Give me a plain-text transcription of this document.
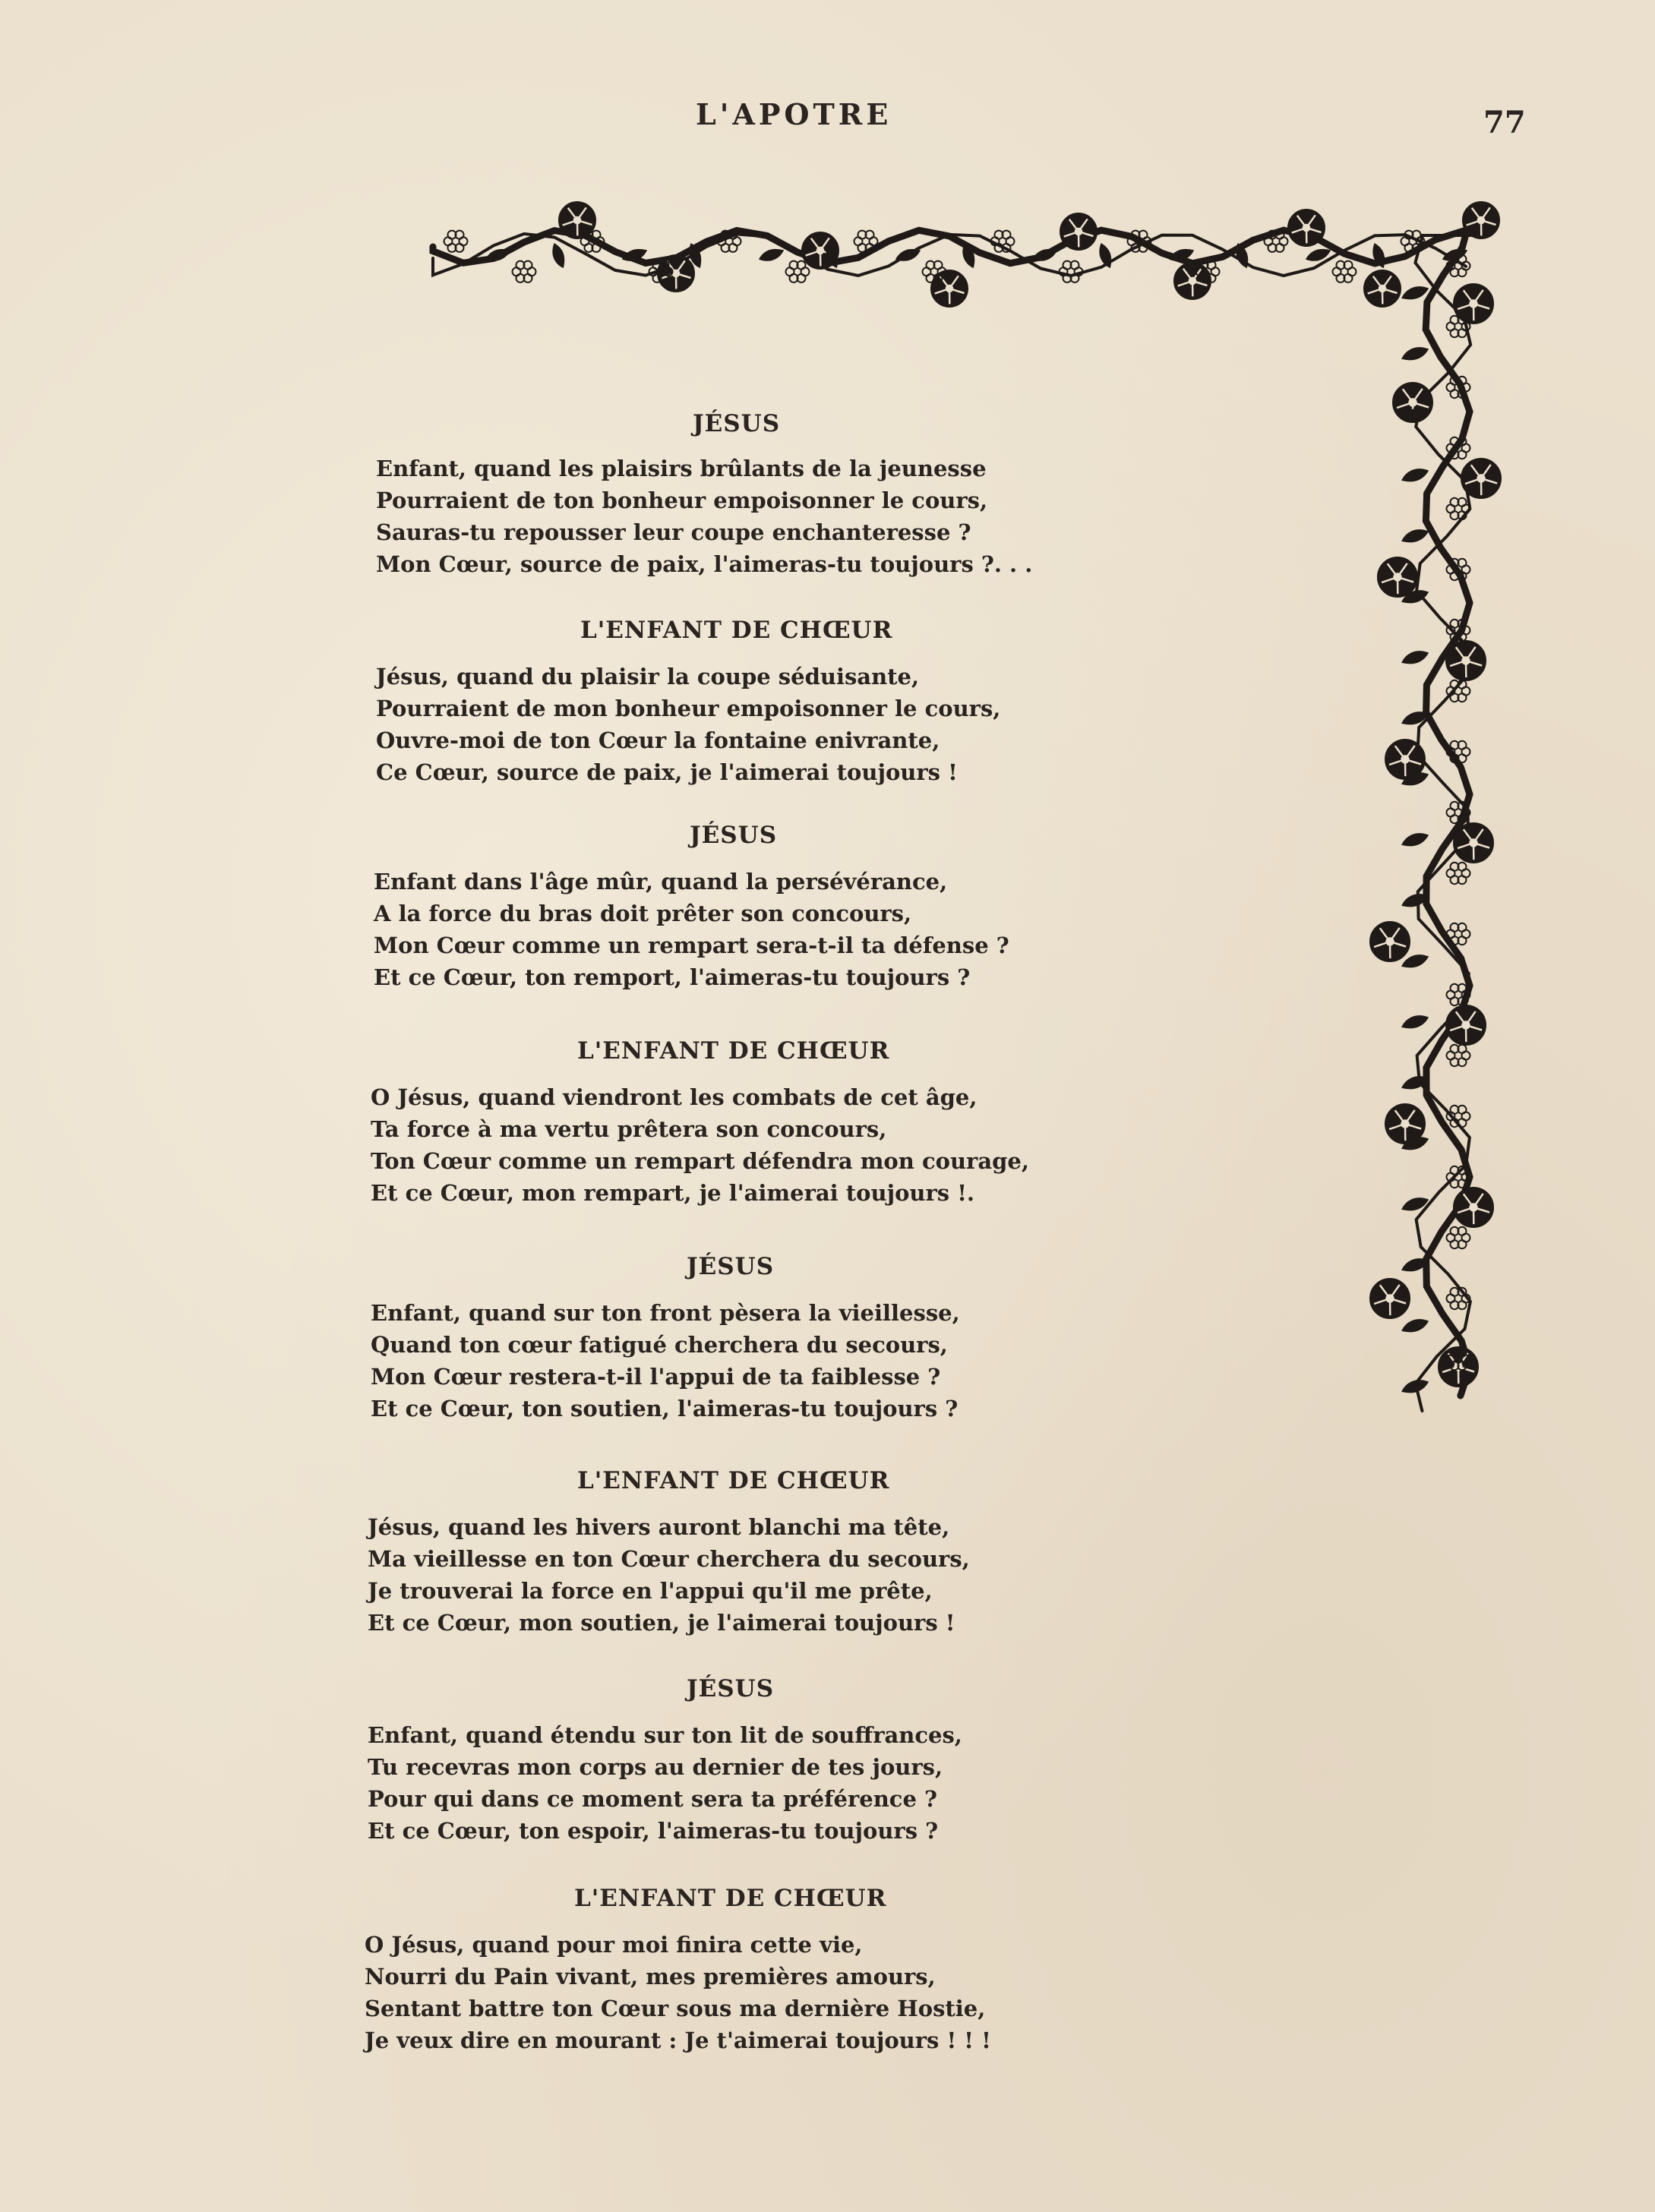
L'APOTRE	77
JÉSUS
Enfant, quand les plaisirs brûlants de la jeunesse
Pourraient de ton bonheur empoisonner le cours,
Sauras-tu repousser leur coupe enchanteresse ?
Mon Cœur, source de paix, l'aimeras-tu toujours ?. . .
L'ENFANT DE CHŒUR
Jésus, quand du plaisir la coupe séduisante,
Pourraient de mon bonheur empoisonner le cours,
Ouvre-moi de ton Cœur la fontaine enivrante,
Ce Cœur, source de paix, je l'aimerai toujours !
JÉSUS
Enfant dans l'âge mûr, quand la persévérance,
A la force du bras doit prêter son concours,
Mon Cœur comme un rempart sera-t-il ta défense ?
Et ce Cœur, ton remport, l'aimeras-tu toujours ?
L'ENFANT DE CHŒUR
O Jésus, quand viendront les combats de cet âge,
Ta force à ma vertu prêtera son concours,
Ton Cœur comme un rempart défendra mon courage,
Et ce Cœur, mon rempart, je l'aimerai toujours !.
JÉSUS
Enfant, quand sur ton front pèsera la vieillesse,
Quand ton cœur fatigué cherchera du secours,
Mon Cœur restera-t-il l'appui de ta faiblesse ?
Et ce Cœur, ton soutien, l'aimeras-tu toujours ?
L'ENFANT DE CHŒUR
Jésus, quand les hivers auront blanchi ma tête,
Ma vieillesse en ton Cœur cherchera du secours,
Je trouverai la force en l'appui qu'il me prête,
Et ce Cœur, mon soutien, je l'aimerai toujours !
JÉSUS
Enfant, quand étendu sur ton lit de souffrances,
Tu recevras mon corps au dernier de tes jours,
Pour qui dans ce moment sera ta préférence ?
Et ce Cœur, ton espoir, l'aimeras-tu toujours ?
L'ENFANT DE CHŒUR
O Jésus, quand pour moi finira cette vie,
Nourri du Pain vivant, mes premières amours,
Sentant battre ton Cœur sous ma dernière Hostie,
Je veux dire en mourant : Je t'aimerai toujours ! ! !
